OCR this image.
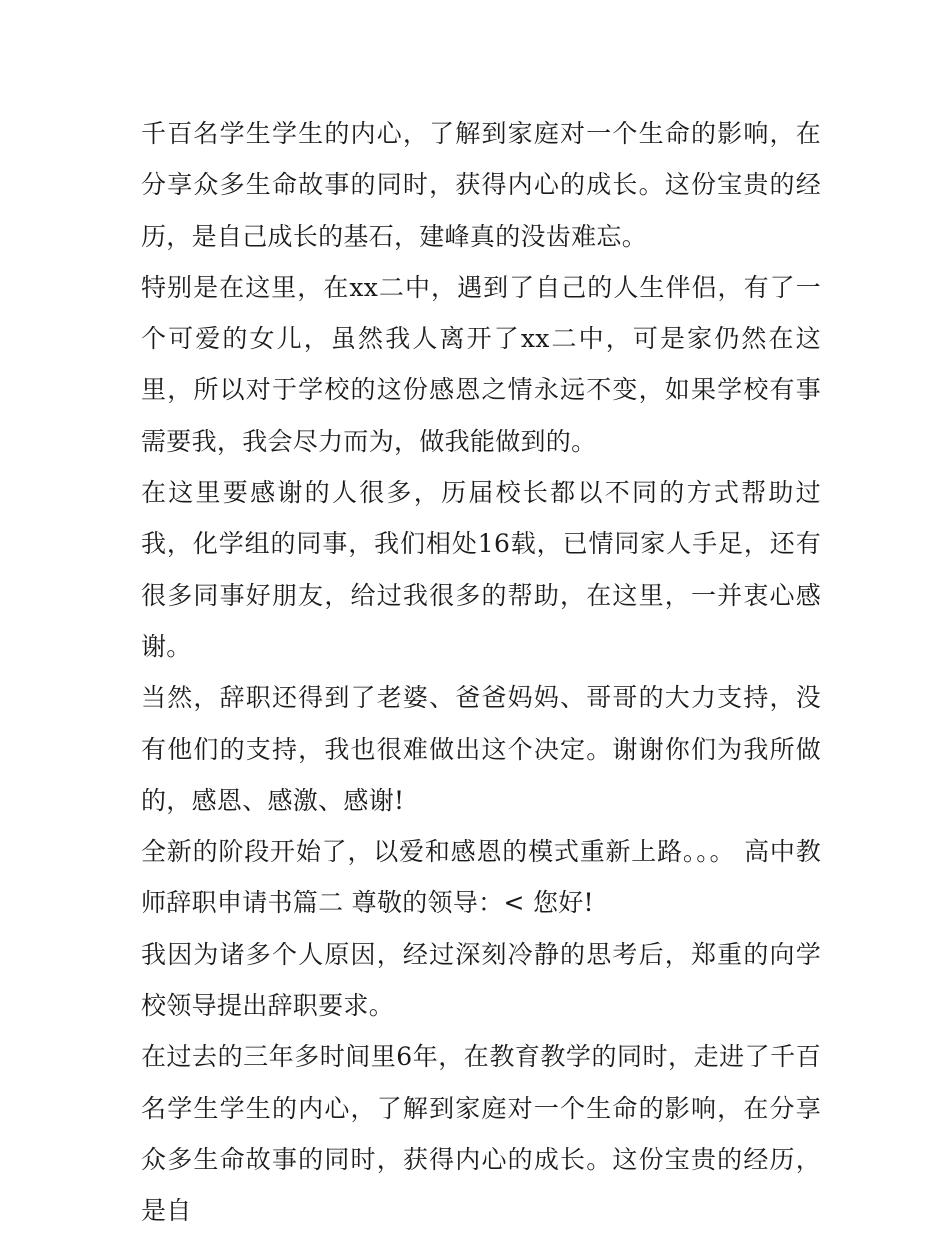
千百名学生学生的内心，了解到家庭对一个生命的影响，在分享众多生命故事的同时，获得内心的成长。这份宝贵的经历，是自己成长的基石，建峰真的没齿难忘。

特别是在这里，在xx二中，遇到了自己的人生伴侣，有了一个可爱的女儿，虽然我人离开了xx二中，可是家仍然在这里，所以对于学校的这份感恩之情永远不变，如果学校有事需要我，我会尽力而为，做我能做到的。

在这里要感谢的人很多，历届校长都以不同的方式帮助过我，化学组的同事，我们相处16载，已情同家人手足，还有很多同事好朋友，给过我很多的帮助，在这里，一并衷心感谢。

当然，辞职还得到了老婆、爸爸妈妈、哥哥的大力支持，没有他们的支持，我也很难做出这个决定。谢谢你们为我所做的，感恩、感激、感谢!

全新的阶段开始了，以爱和感恩的模式重新上路。。。 高中教师辞职申请书篇二 尊敬的领导：< 您好!

我因为诸多个人原因，经过深刻冷静的思考后，郑重的向学校领导提出辞职要求。

在过去的三年多时间里6年，在教育教学的同时，走进了千百名学生学生的内心，了解到家庭对一个生命的影响，在分享众多生命故事的同时，获得内心的成长。这份宝贵的经历，是自
